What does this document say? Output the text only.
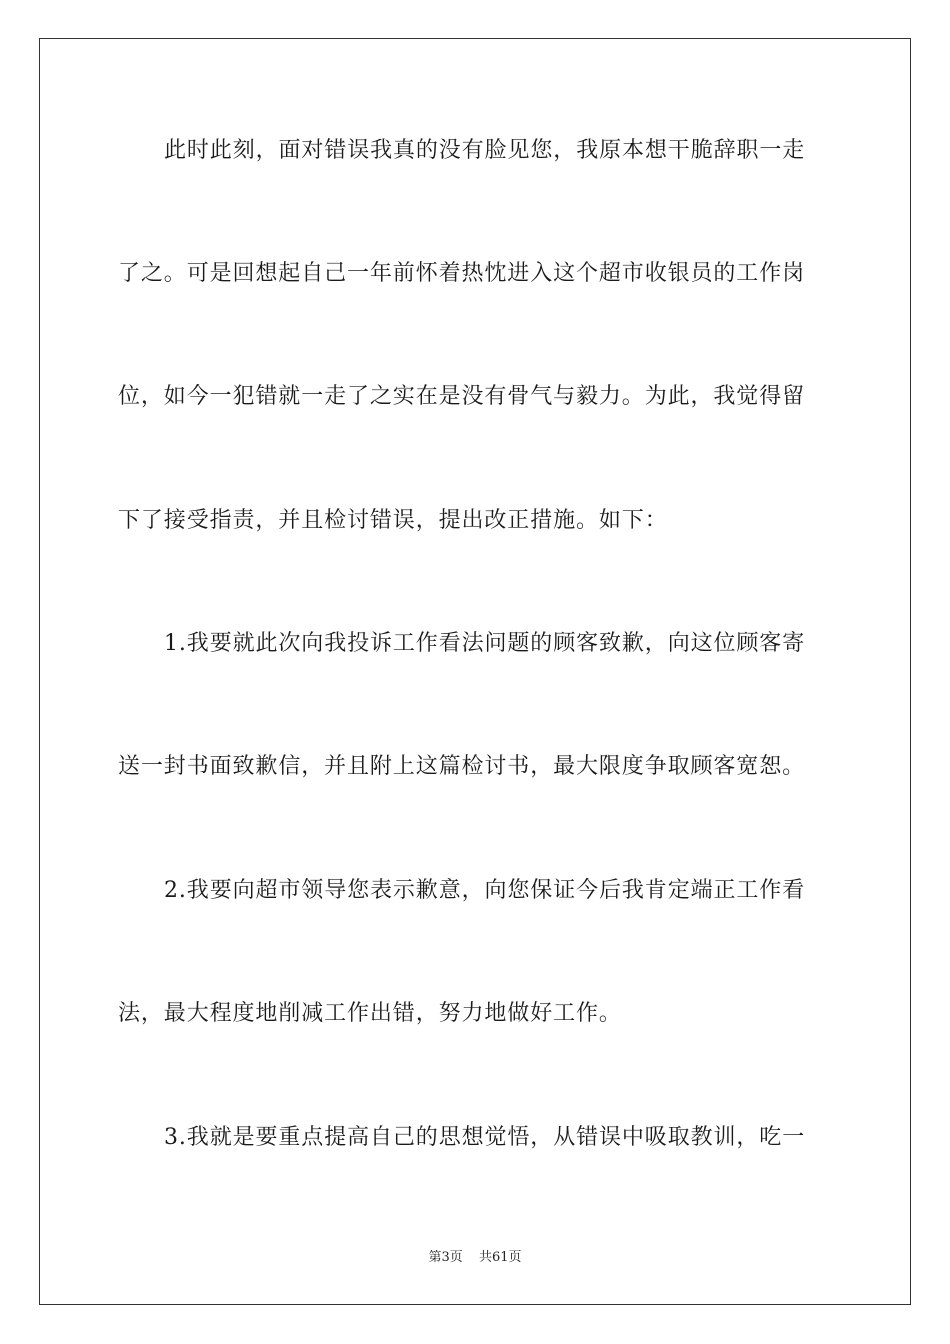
此时此刻，面对错误我真的没有脸见您，我原本想干脆辞职一走
了之。可是回想起自己一年前怀着热忱进入这个超市收银员的工作岗
位，如今一犯错就一走了之实在是没有骨气与毅力。为此，我觉得留
下了接受指责，并且检讨错误，提出改正措施。如下：
1.我要就此次向我投诉工作看法问题的顾客致歉，向这位顾客寄
送一封书面致歉信，并且附上这篇检讨书，最大限度争取顾客宽恕。
2.我要向超市领导您表示歉意，向您保证今后我肯定端正工作看
法，最大程度地削减工作出错，努力地做好工作。
3.我就是要重点提高自己的思想觉悟，从错误中吸取教训，吃一
第3页 共61页
